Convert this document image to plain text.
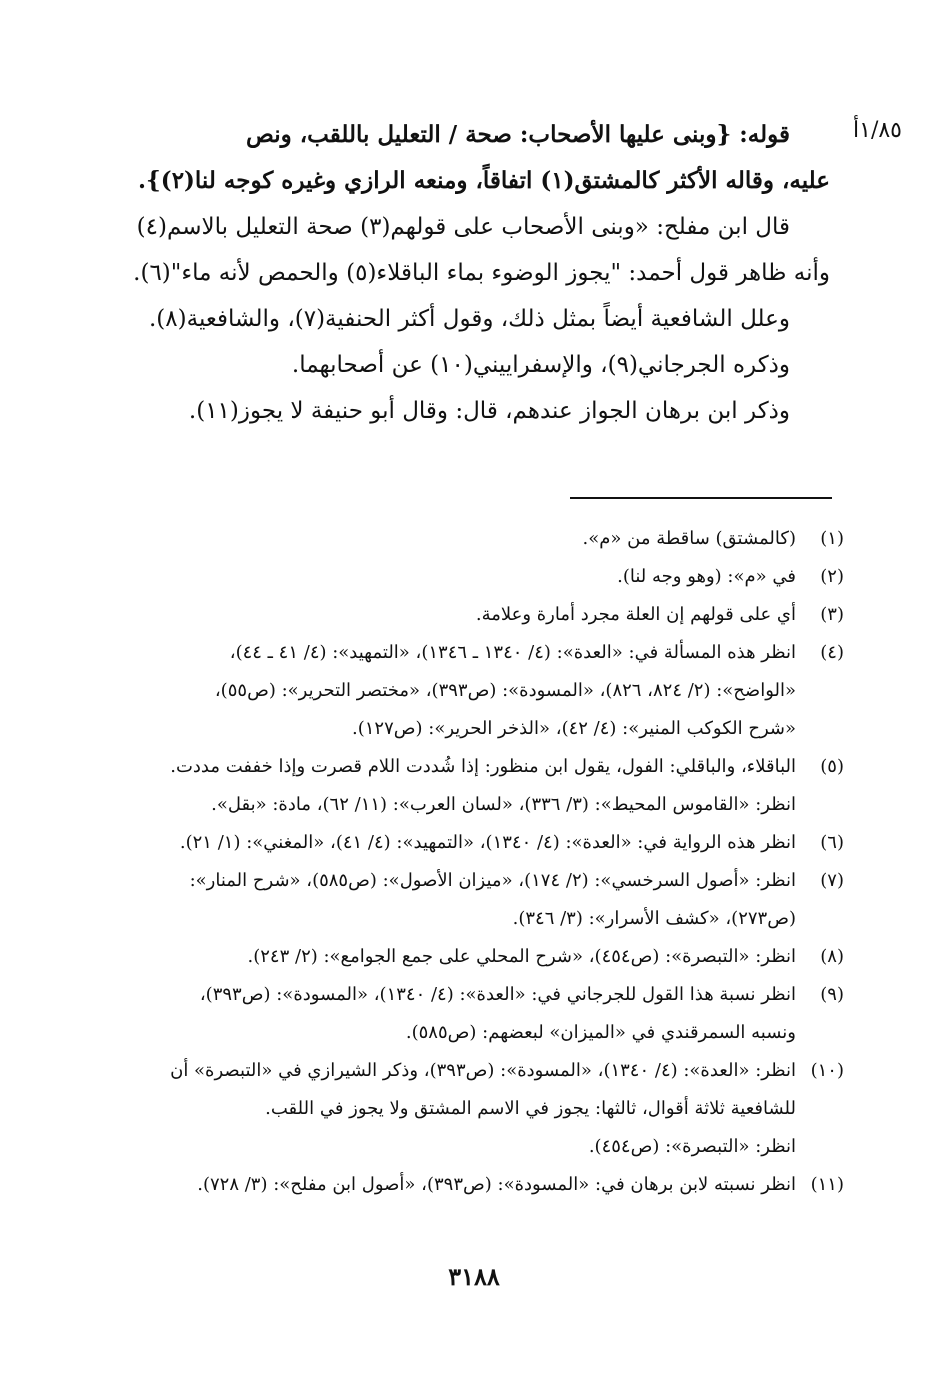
۱/۸٥أ
قوله: {وبنى عليها الأصحاب: صحة / التعليل باللقب، ونص
عليه، وقاله الأكثر كالمشتق(١) اتفاقاً، ومنعه الرازي وغيره كوجه لنا(٢)}.
قال ابن مفلح: «وبنى الأصحاب على قولهم(٣) صحة التعليل بالاسم(٤)
وأنه ظاهر قول أحمد: "يجوز الوضوء بماء الباقلاء(٥) والحمص لأنه ماء"(٦).
وعلل الشافعية أيضاً بمثل ذلك، وقول أكثر الحنفية(٧)، والشافعية(٨).
وذكره الجرجاني(٩)، والإسفراييني(١٠) عن أصحابهما.
وذكر ابن برهان الجواز عندهم، قال: وقال أبو حنيفة لا يجوز(١١).
(١)
(كالمشتق) ساقطة من «م».
(٢)
في «م»: (وهو وجه لنا).
(٣)
أي على قولهم إن العلة مجرد أمارة وعلامة.
(٤)
انظر هذه المسألة في: «العدة»: (٤/ ١٣٤٠ ـ ١٣٤٦)، «التمهيد»: (٤/ ٤١ ـ ٤٤)،
«الواضح»: (٢/ ٨٢٤، ٨٢٦)، «المسودة»: (ص٣٩٣)، «مختصر التحرير»: (ص٥٥)،
«شرح الكوكب المنير»: (٤/ ٤٢)، «الذخر الحرير»: (ص١٢٧).
(٥)
الباقلاء، والباقلي: الفول، يقول ابن منظور: إذا شُددت اللام قصرت وإذا خففت مددت.
انظر: «القاموس المحيط»: (٣/ ٣٣٦)، «لسان العرب»: (١١/ ٦٢)، مادة: «بقل».
(٦)
انظر هذه الرواية في: «العدة»: (٤/ ١٣٤٠)، «التمهيد»: (٤/ ٤١)، «المغني»: (١/ ٢١).
(٧)
انظر: «أصول السرخسي»: (٢/ ١٧٤)، «ميزان الأصول»: (ص٥٨٥)، «شرح المنار»:
(ص٢٧٣)، «كشف الأسرار»: (٣/ ٣٤٦).
(٨)
انظر: «التبصرة»: (ص٤٥٤)، «شرح المحلي على جمع الجوامع»: (٢/ ٢٤٣).
(٩)
انظر نسبة هذا القول للجرجاني في: «العدة»: (٤/ ١٣٤٠)، «المسودة»: (ص٣٩٣)،
ونسبه السمرقندي في «الميزان» لبعضهم: (ص٥٨٥).
(١٠)
انظر: «العدة»: (٤/ ١٣٤٠)، «المسودة»: (ص٣٩٣)، وذكر الشيرازي في «التبصرة» أن
للشافعية ثلاثة أقوال، ثالثها: يجوز في الاسم المشتق ولا يجوز في اللقب.
انظر: «التبصرة»: (ص٤٥٤).
(١١)
انظر نسبته لابن برهان في: «المسودة»: (ص٣٩٣)، «أصول ابن مفلح»: (٣/ ٧٢٨).
٣١٨٨
